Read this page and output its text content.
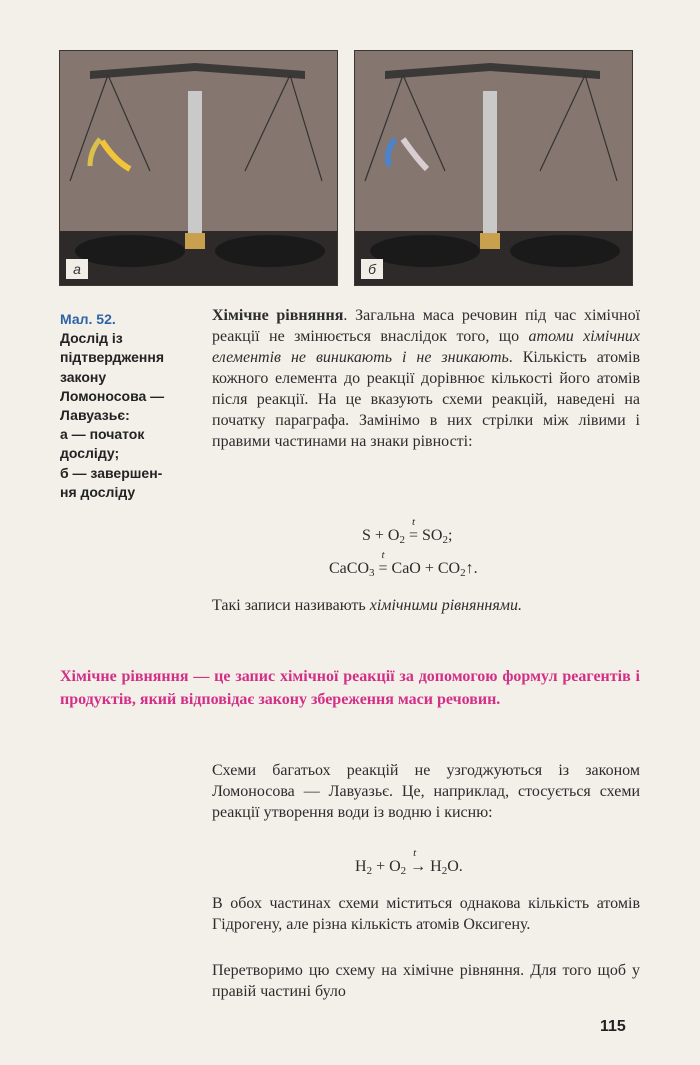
а	б
Мал. 52.
Дослід із
підтвердження
закону
Ломоносова —
Лавуазьє:
а — початок
досліду;
б — завершен-
ня досліду

Хімічне рівняння. Загальна маса речовин під час хімічної реакції не змінюється внаслідок того, що атоми хімічних елементів не виникають і не зникають. Кількість атомів кожного елемента до реакції дорівнює кількості його атомів після реакції. На це вказують схеми реакцій, наведені на початку параграфа. Замінімо в них стрілки між лівими і правими частинами на знаки рівності:

$S + O_2$
t
= $SO_2$;
CaCO$_3$
t
= CaO + $CO_2↑$.

Такі записи називають хімічними рівняннями.

Хімічне рівняння — це запис хімічної реакції за допомогою формул реагентів і продуктів, який відповідає закону збереження маси речовин.

Схеми багатьох реакцій не узгоджуються із законом Ломоносова — Лавуазьє. Це, наприклад, стосується схеми реакції утворення води із водню і кисню:

$H_2 + O_2$
t
→ $H_2O$.

В обох частинах схеми міститься однакова кількість атомів Гідрогену, але різна кількість атомів Оксигену.

Перетворимо цю схему на хімічне рівняння. Для того щоб у правій частині було

115
